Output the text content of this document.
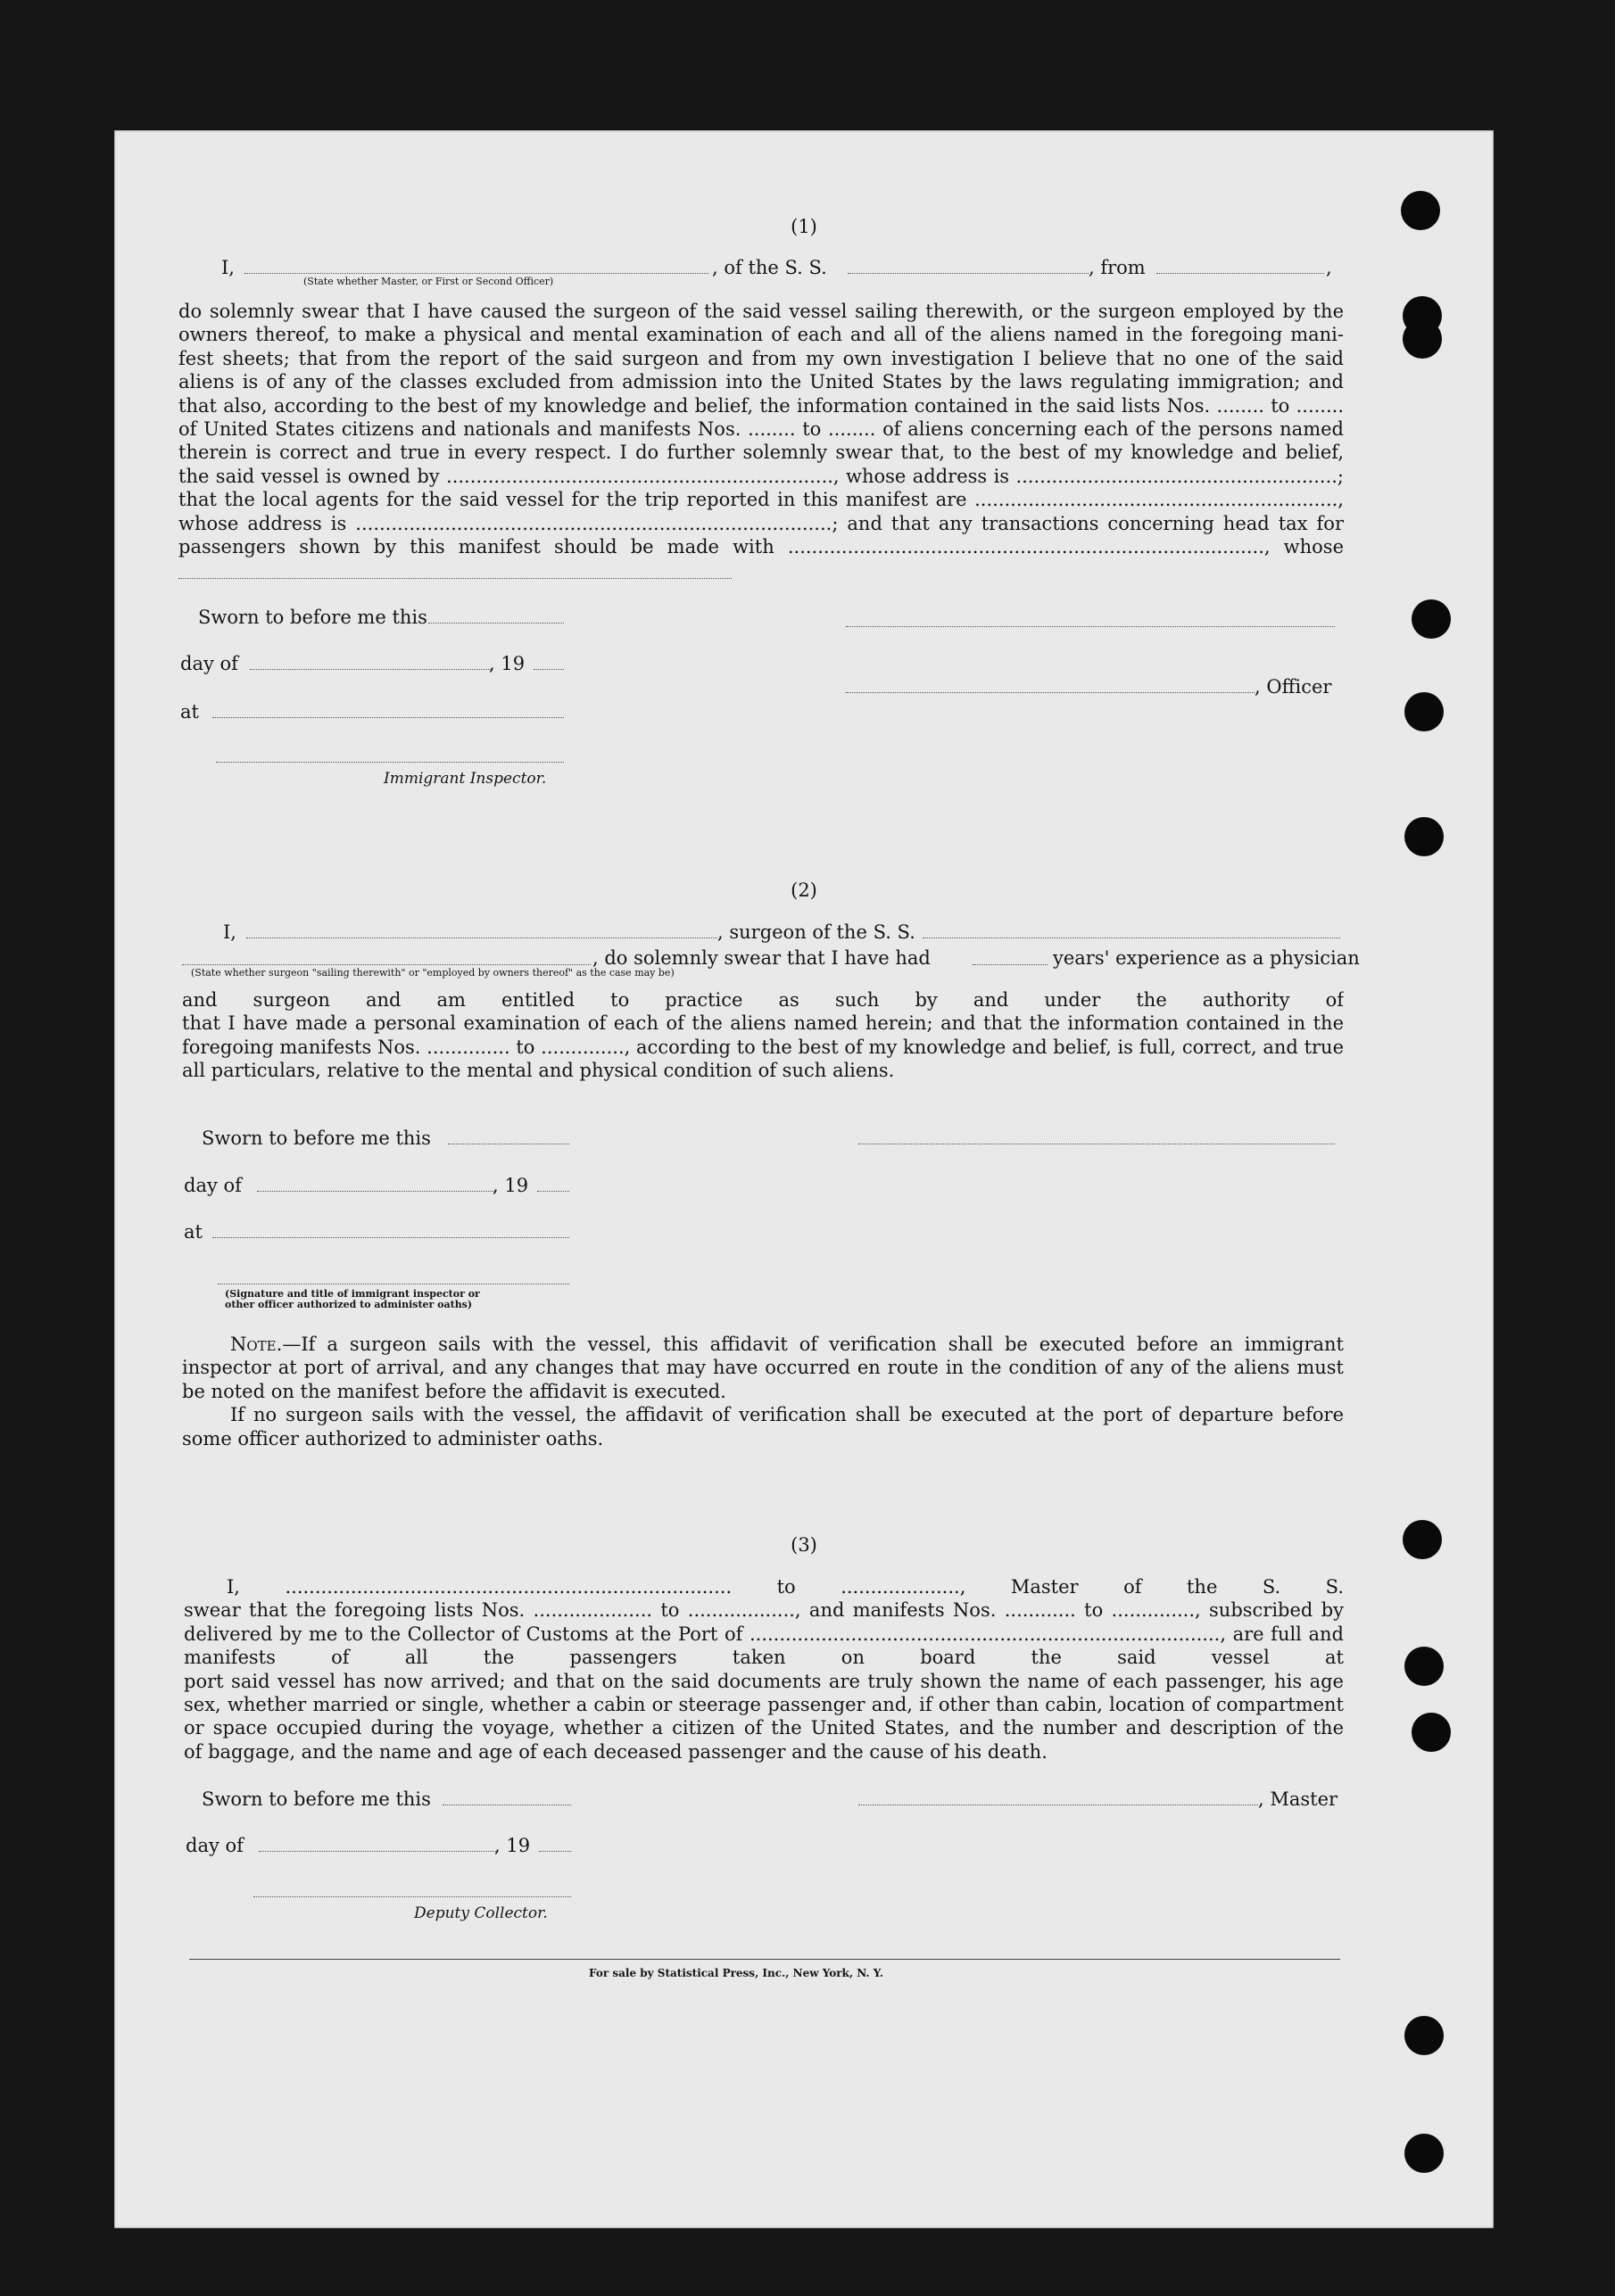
(1)
I,	, of the S. S.	, from	,
(State whether Master, or First or Second Officer)
do solemnly swear that I have caused the surgeon of the said vessel sailing therewith, or the surgeon employed by the
owners thereof, to make a physical and mental examination of each and all of the aliens named in the foregoing mani-
fest sheets; that from the report of the said surgeon and from my own investigation I believe that no one of the said
aliens is of any of the classes excluded from admission into the United States by the laws regulating immigration; and
that also, according to the best of my knowledge and belief, the information contained in the said lists Nos. ........ to ........
of United States citizens and nationals and manifests Nos. ........ to ........ of aliens concerning each of the persons named
therein is correct and true in every respect. I do further solemnly swear that, to the best of my knowledge and belief,
the said vessel is owned by ................................................................., whose address is ......................................................;
that the local agents for the said vessel for the trip reported in this manifest are .............................................................,
whose address is ................................................................................; and that any transactions concerning head tax for
passengers shown by this manifest should be made with ................................................................................, whose
Sworn to before me this
day of	, 19
, Officer
at
Immigrant Inspector.
(2)
I,	, surgeon of the S. S.
, do solemnly swear that I have had	years' experience as a physician
(State whether surgeon "sailing therewith" or "employed by owners thereof" as the case may be)
and surgeon and am entitled to practice as such by and under the authority of
that I have made a personal examination of each of the aliens named herein; and that the information contained in the
foregoing manifests Nos. .............. to .............., according to the best of my knowledge and belief, is full, correct, and true
all particulars, relative to the mental and physical condition of such aliens.
Sworn to before me this
day of	, 19
at
(Signature and title of immigrant inspector or
other officer authorized to administer oaths)
Note.—If a surgeon sails with the vessel, this affidavit of verification shall be executed before an immigrant
inspector at port of arrival, and any changes that may have occurred en route in the condition of any of the aliens must
be noted on the manifest before the affidavit is executed.
If no surgeon sails with the vessel, the affidavit of verification shall be executed at the port of departure before
some officer authorized to administer oaths.
(3)
I, ........................................................................... to ...................., Master of the S. S.
swear that the foregoing lists Nos. .................... to .................., and manifests Nos. ............ to .............., subscribed by
delivered by me to the Collector of Customs at the Port of ..............................................................................., are full and
manifests of all the passengers taken on board the said vessel at
port said vessel has now arrived; and that on the said documents are truly shown the name of each passenger, his age
sex, whether married or single, whether a cabin or steerage passenger and, if other than cabin, location of compartment
or space occupied during the voyage, whether a citizen of the United States, and the number and description of the
of baggage, and the name and age of each deceased passenger and the cause of his death.
Sworn to before me this	, Master
day of	, 19
Deputy Collector.
For sale by Statistical Press, Inc., New York, N. Y.
